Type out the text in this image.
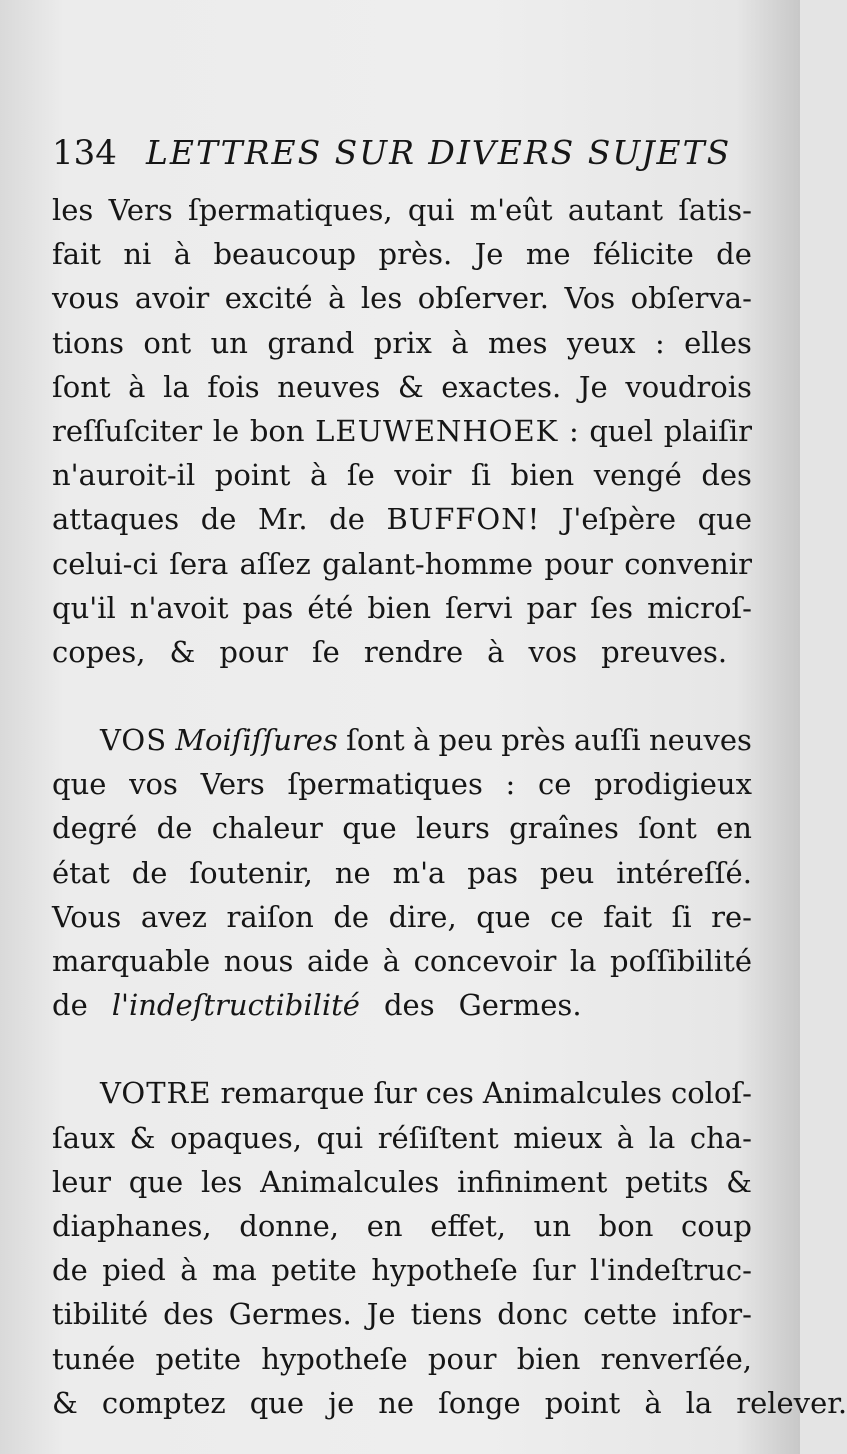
134 LETTRES SUR DIVERS SUJETS
les Vers ſpermatiques, qui m'eût autant ſatis-
fait ni à beaucoup près. Je me félicite de
vous avoir excité à les obſerver. Vos obſerva-
tions ont un grand prix à mes yeux : elles
ſont à la fois neuves & exactes. Je voudrois
reſſuſciter le bon LEUWENHOEK : quel plaiſir
n'auroit-il point à ſe voir ſi bien vengé des
attaques de Mr. de BUFFON! J'eſpère que
celui-ci ſera aſſez galant-homme pour convenir
qu'il n'avoit pas été bien ſervi par ſes microſ-
copes, & pour ſe rendre à vos preuves.
VOS Moiſiſſures ſont à peu près auſſi neuves
que vos Vers ſpermatiques : ce prodigieux
degré de chaleur que leurs graînes ſont en
état de ſoutenir, ne m'a pas peu intéreſſé.
Vous avez raiſon de dire, que ce fait ſi re-
marquable nous aide à concevoir la poſſibilité
de l'indeſtructibilité des Germes.
VOTRE remarque ſur ces Animalcules coloſ-
ſaux & opaques, qui réſiſtent mieux à la cha-
leur que les Animalcules infiniment petits &
diaphanes, donne, en effet, un bon coup
de pied à ma petite hypotheſe ſur l'indeſtruc-
tibilité des Germes. Je tiens donc cette infor-
tunée petite hypotheſe pour bien renverſée,
& comptez que je ne ſonge point à la relever.
